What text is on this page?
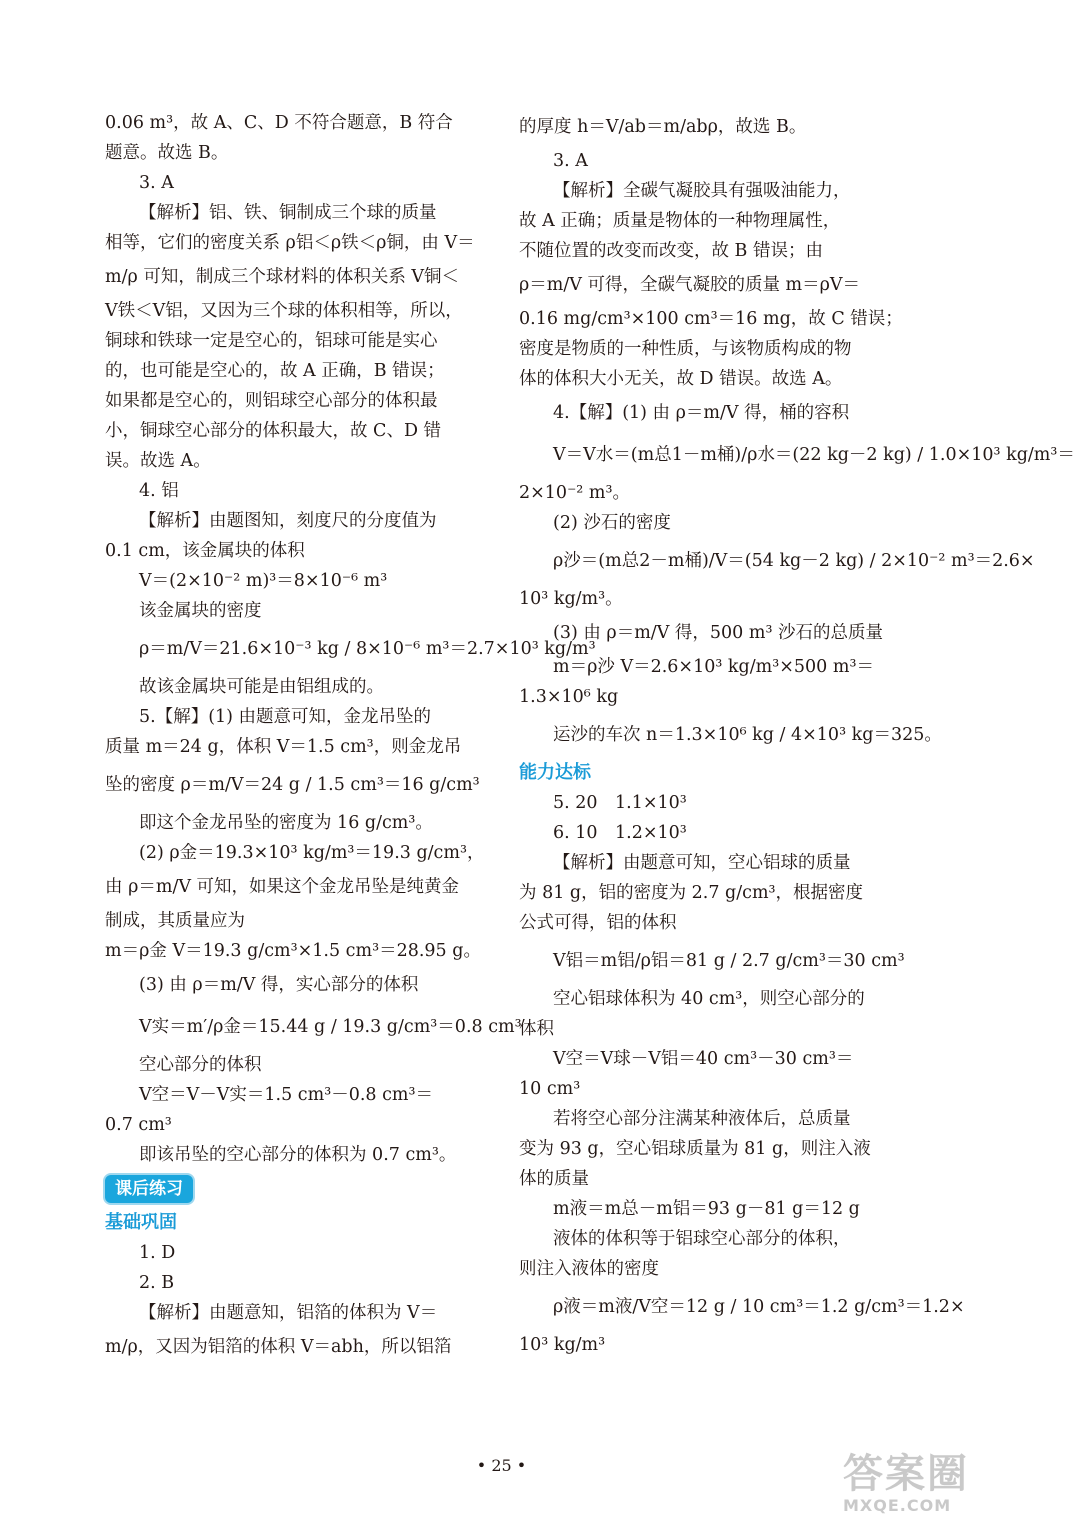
0.06 m³，故 A、C、D 不符合题意，B 符合
题意。故选 B。
3. A
【解析】铝、铁、铜制成三个球的质量
相等，它们的密度关系 ρ铝＜ρ铁＜ρ铜，由 V＝
m/ρ 可知，制成三个球材料的体积关系 V铜＜
V铁＜V铝，又因为三个球的体积相等，所以，
铜球和铁球一定是空心的，铝球可能是实心
的，也可能是空心的，故 A 正确，B 错误；
如果都是空心的，则铝球空心部分的体积最
小，铜球空心部分的体积最大，故 C、D 错
误。故选 A。
4. 铝
【解析】由题图知，刻度尺的分度值为
0.1 cm，该金属块的体积
V＝(2×10⁻² m)³＝8×10⁻⁶ m³
该金属块的密度
ρ＝m/V＝21.6×10⁻³ kg / 8×10⁻⁶ m³＝2.7×10³ kg/m³
故该金属块可能是由铝组成的。
5.【解】(1) 由题意可知，金龙吊坠的
质量 m＝24 g，体积 V＝1.5 cm³，则金龙吊
坠的密度 ρ＝m/V＝24 g / 1.5 cm³＝16 g/cm³
即这个金龙吊坠的密度为 16 g/cm³。
(2) ρ金＝19.3×10³ kg/m³＝19.3 g/cm³，
由 ρ＝m/V 可知，如果这个金龙吊坠是纯黄金
制成，其质量应为
m＝ρ金 V＝19.3 g/cm³×1.5 cm³＝28.95 g。
(3) 由 ρ＝m/V 得，实心部分的体积
V实＝m′/ρ金＝15.44 g / 19.3 g/cm³＝0.8 cm³
空心部分的体积
V空＝V－V实＝1.5 cm³－0.8 cm³＝
0.7 cm³
即该吊坠的空心部分的体积为 0.7 cm³。
课后练习
基础巩固
1. D
2. B
【解析】由题意知，铝箔的体积为 V＝
m/ρ，又因为铝箔的体积 V＝abh，所以铝箔
的厚度 h＝V/ab＝m/abρ，故选 B。
3. A
【解析】全碳气凝胶具有强吸油能力，
故 A 正确；质量是物体的一种物理属性，
不随位置的改变而改变，故 B 错误；由
ρ＝m/V 可得，全碳气凝胶的质量 m＝ρV＝
0.16 mg/cm³×100 cm³＝16 mg，故 C 错误；
密度是物质的一种性质，与该物质构成的物
体的体积大小无关，故 D 错误。故选 A。
4.【解】(1) 由 ρ＝m/V 得，桶的容积
V＝V水＝(m总1－m桶)/ρ水＝(22 kg－2 kg) / 1.0×10³ kg/m³＝
2×10⁻² m³。
(2) 沙石的密度
ρ沙＝(m总2－m桶)/V＝(54 kg－2 kg) / 2×10⁻² m³＝2.6×
10³ kg/m³。
(3) 由 ρ＝m/V 得，500 m³ 沙石的总质量
m＝ρ沙 V＝2.6×10³ kg/m³×500 m³＝
1.3×10⁶ kg
运沙的车次 n＝1.3×10⁶ kg / 4×10³ kg＝325。
能力达标
5. 20　1.1×10³
6. 10　1.2×10³
【解析】由题意可知，空心铝球的质量
为 81 g，铝的密度为 2.7 g/cm³，根据密度
公式可得，铝的体积
V铝＝m铝/ρ铝＝81 g / 2.7 g/cm³＝30 cm³
空心铝球体积为 40 cm³，则空心部分的
体积
V空＝V球－V铝＝40 cm³－30 cm³＝
10 cm³
若将空心部分注满某种液体后，总质量
变为 93 g，空心铝球质量为 81 g，则注入液
体的质量
m液＝m总－m铝＝93 g－81 g＝12 g
液体的体积等于铝球空心部分的体积，
则注入液体的密度
ρ液＝m液/V空＝12 g / 10 cm³＝1.2 g/cm³＝1.2×
10³ kg/m³
• 25 •	答案圈
MXQE.COM
